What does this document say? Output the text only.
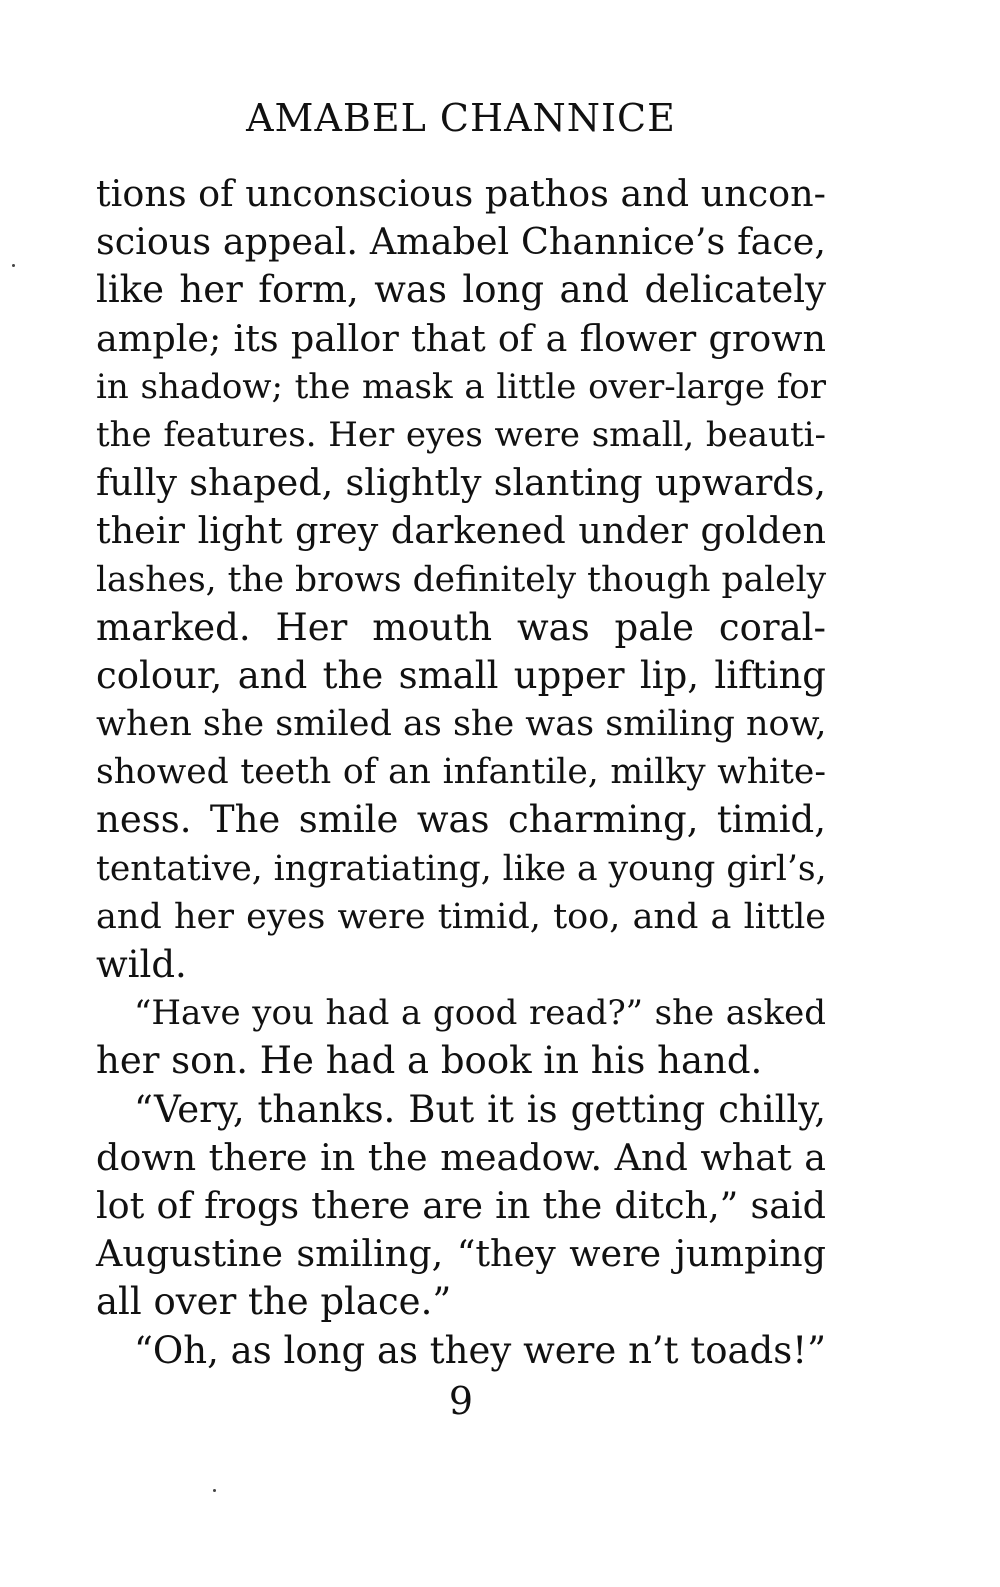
AMABEL CHANNICE
tions of unconscious pathos and uncon-
scious appeal. Amabel Channice’s face,
like her form, was long and delicately
ample; its pallor that of a flower grown
in shadow; the mask a little over-large for
the features. Her eyes were small, beauti-
fully shaped, slightly slanting upwards,
their light grey darkened under golden
lashes, the brows definitely though palely
marked. Her mouth was pale coral-
colour, and the small upper lip, lifting
when she smiled as she was smiling now,
showed teeth of an infantile, milky white-
ness. The smile was charming, timid,
tentative, ingratiating, like a young girl’s,
and her eyes were timid, too, and a little
wild.
“Have you had a good read?” she asked
her son. He had a book in his hand.
“Very, thanks. But it is getting chilly,
down there in the meadow. And what a
lot of frogs there are in the ditch,” said
Augustine smiling, “they were jumping
all over the place.”
“Oh, as long as they were n’t toads!”
9
